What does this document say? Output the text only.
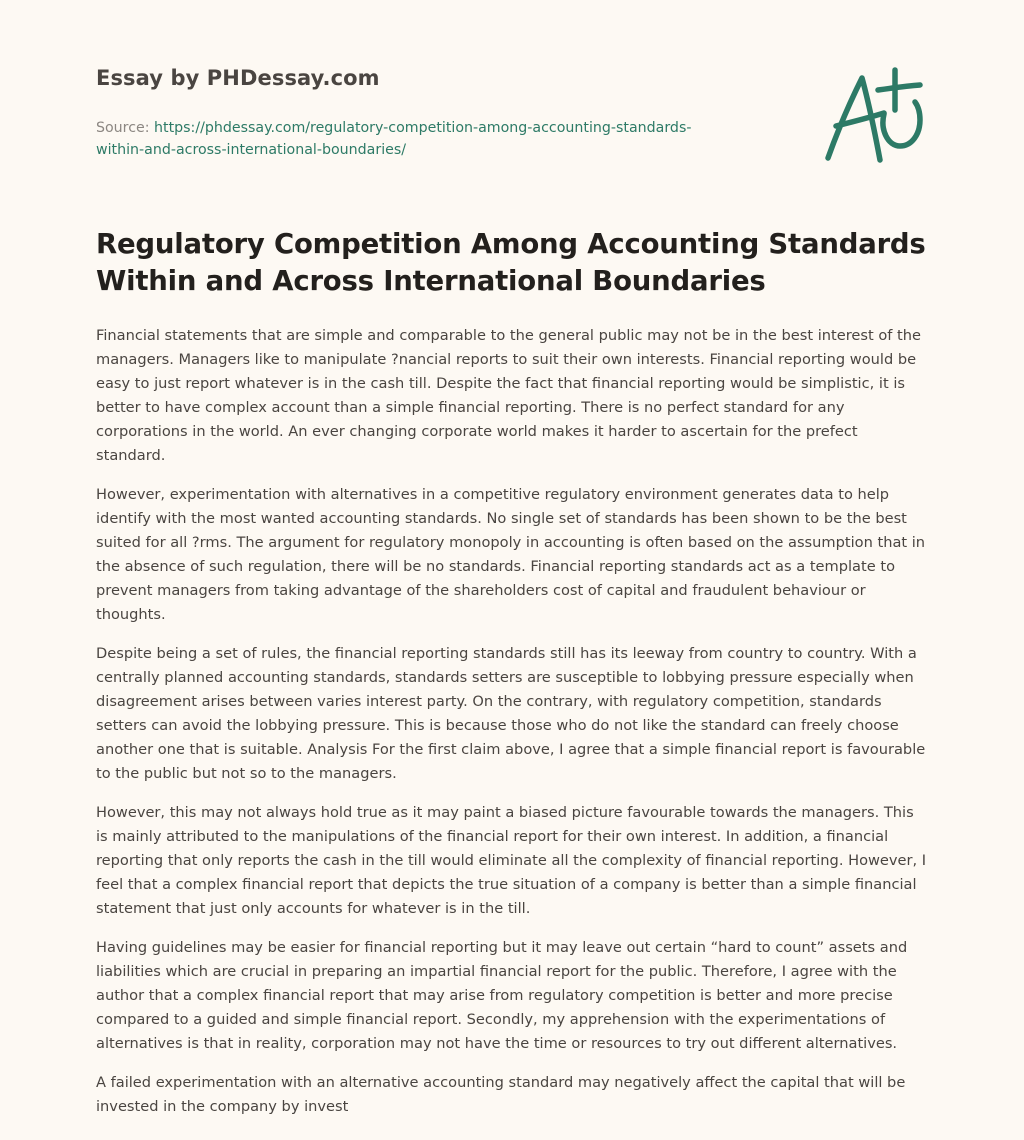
Essay by PHDessay.com
Source: https://phdessay.com/regulatory-competition-among-accounting-standards-
within-and-across-international-boundaries/
Regulatory Competition Among Accounting Standards Within and Across International Boundaries

Financial statements that are simple and comparable to the general public may not be in the best interest of the managers. Managers like to manipulate ?nancial reports to suit their own interests. Financial reporting would be easy to just report whatever is in the cash till. Despite the fact that financial reporting would be simplistic, it is better to have complex account than a simple financial reporting. There is no perfect standard for any corporations in the world. An ever changing corporate world makes it harder to ascertain for the prefect standard.

However, experimentation with alternatives in a competitive regulatory environment generates data to help identify with the most wanted accounting standards. No single set of standards has been shown to be the best suited for all ?rms. The argument for regulatory monopoly in accounting is often based on the assumption that in the absence of such regulation, there will be no standards. Financial reporting standards act as a template to prevent managers from taking advantage of the shareholders cost of capital and fraudulent behaviour or thoughts.

Despite being a set of rules, the financial reporting standards still has its leeway from country to country. With a centrally planned accounting standards, standards setters are susceptible to lobbying pressure especially when disagreement arises between varies interest party. On the contrary, with regulatory competition, standards setters can avoid the lobbying pressure. This is because those who do not like the standard can freely choose another one that is suitable. Analysis For the first claim above, I agree that a simple financial report is favourable to the public but not so to the managers.

However, this may not always hold true as it may paint a biased picture favourable towards the managers. This is mainly attributed to the manipulations of the financial report for their own interest. In addition, a financial reporting that only reports the cash in the till would eliminate all the complexity of financial reporting. However, I feel that a complex financial report that depicts the true situation of a company is better than a simple financial statement that just only accounts for whatever is in the till.

Having guidelines may be easier for financial reporting but it may leave out certain “hard to count” assets and liabilities which are crucial in preparing an impartial financial report for the public. Therefore, I agree with the author that a complex financial report that may arise from regulatory competition is better and more precise compared to a guided and simple financial report. Secondly, my apprehension with the experimentations of alternatives is that in reality, corporation may not have the time or resources to try out different alternatives.

A failed experimentation with an alternative accounting standard may negatively affect the capital that will be invested in the company by invest
